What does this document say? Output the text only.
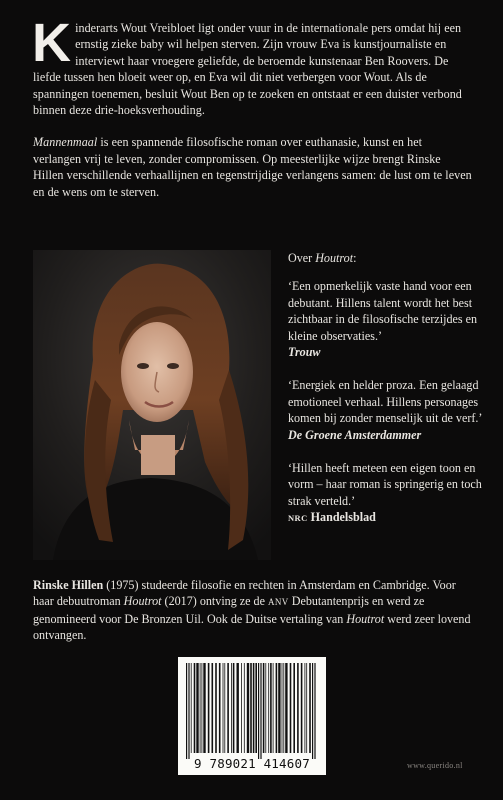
Kinderarts Wout Vreibloet ligt onder vuur in de internationale pers omdat hij een ernstig zieke baby wil helpen sterven. Zijn vrouw Eva is kunstjournaliste en interviewt haar vroegere geliefde, de beroemde kunstenaar Ben Roovers. De liefde tussen hen bloeit weer op, en Eva wil dit niet verbergen voor Wout. Als de spanningen toenemen, besluit Wout Ben op te zoeken en ontstaat er een duister verbond binnen deze drie-hoeksverhouding.

Mannenmaal is een spannende filosofische roman over euthanasie, kunst en het verlangen vrij te leven, zonder compromissen. Op meesterlijke wijze brengt Rinske Hillen verschillende verhaallijnen en tegenstrijdige verlangens samen: de lust om te leven en de wens om te sterven.

Over Houtrot:

‘Een opmerkelijk vaste hand voor een debutant. Hillens talent wordt het best zichtbaar in de filosofische terzijdes en kleine observaties.’
Trouw
‘Energiek en helder proza. Een gelaagd emotioneel verhaal. Hillens personages komen bij zonder menselijk uit de verf.’
De Groene Amsterdammer
‘Hillen heeft meteen een eigen toon en vorm – haar roman is springerig en toch strak verteld.’
NRC Handelsblad

Rinske Hillen (1975) studeerde filosofie en rechten in Amsterdam en Cambridge. Voor haar debuutroman Houtrot (2017) ontving ze de ANV Debutantenprijs en werd ze genomineerd voor De Bronzen Uil. Ook de Duitse vertaling van Houtrot werd zeer lovend ontvangen.

9 789021 414607	www.querido.nl
